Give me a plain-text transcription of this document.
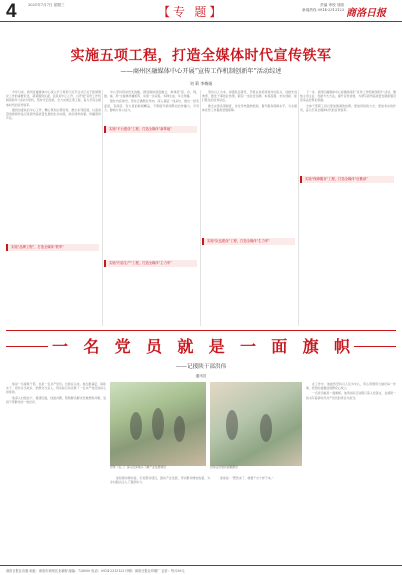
4	2021年7月7日 星期三	【专 题】	责编 审校 划版
新闻热线 0914-2313123 商洛日报
实施五项工程，打造全媒体时代宣传铁军
——商州区融媒体中心开展“宣传工作机制创新年”活动综述
刘 莉 李梅娟

今年以来，商州区融媒体中心深入学习贯彻习近平总书记关于新闻舆论工作的重要论述，紧紧围绕区委、区政府中心工作，以开展“宣传工作机制创新年”活动为契机，坚持守正创新，全力实施五项工程，着力打造全媒体时代的宣传铁军。

围绕党委政府中心工作，精心策划主题宣传，推出系列报道，以高质量的新闻作品记录商州高质量发展的生动实践，讲好商州故事，传播商州声音。

中心坚持移动优先战略，推进媒体深度融合，构建起“报、台、网、微、端、屏”全媒体传播矩阵，实现一次采集、多种生成、多元传播。

强化内容建设，坚持正确舆论导向，深入基层一线采访，推出一批有温度、有深度、有力度的新闻精品，不断提升新闻舆论的传播力、引导力、影响力和公信力。

坚持以人为本，加强队伍建设，开展业务培训和岗位练兵，选树先进典型，激发干事创业热情，锻造一支政治过硬、本领高强、求实创新、能打胜仗的宣传队伍。

健全完善各项制度，优化考核激励机制，提升服务保障水平，为全媒体宣传工作提供坚强保障。

下一步，商州区融媒体中心将继续深化“宣传工作机制创新年”活动，聚焦主责主业，创新方式方法，提升宣传质效，为谱写商州高质量发展新篇章营造良好舆论氛围。

全体干部职工将以更加饱满的热情、更加昂扬的斗志、更加务实的作风，奋力打造全媒体时代的宣传铁军。

实施“品牌工程”，打造全媒体“铁军”
实施“平台建设”工程，打造全媒体“新阵地”
实施“内容生产”工程，打造全媒体“主力军”
实施“队伍建设”工程，打造全媒体“生力军”
实施“保障服务”工程，打造全媒体“后勤部”
一 名 党 员 就 是 一 面 旗 帜
——记援陕干部洪伟
通讯员

他是一名援陕干部，也是一名共产党员。自到任以来，他扎根基层，真抓实干，把异乡当故乡，把群众当亲人，用实际行动诠释了一名共产党员的初心和使命。

他深入村组农户，摸清底数，找准问题，帮助群众解决急难愁盼问题，受到干部群众的一致好评。

洪伟（右二）深入田间地头了解产业发展情况	洪伟走访慰问困难群众

他积极协调对接，引进帮扶项目，推动产业发展，带动群众增收致富，为乡村振兴注入了强劲动力。

他常说：“既然来了，就要干出个样子来。”

在工作中，他始终坚持以人民为中心，用心用情用力做好每一件事，把党的温暖送到群众心坎上。

一名党员就是一面旗帜。他用实际行动践行着入党誓言，在援陕一线书写着新时代共产党员的责任与担当。

商洛日报社出版 地址：商洛市商州区北新街 邮编：726000 电话：0914-2313123 印刷：商洛日报社印刷厂 定价：每月36元
